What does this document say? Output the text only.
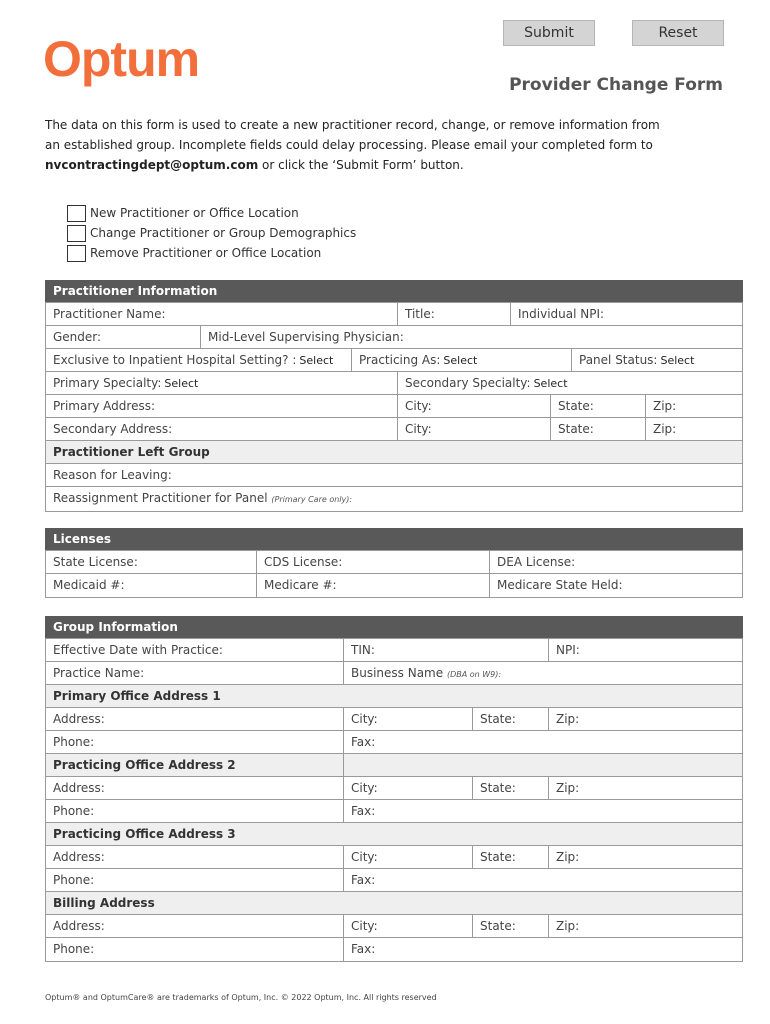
Submit	Reset
Optum	Provider Change Form
The data on this form is used to create a new practitioner record, change, or remove information from an established group. Incomplete fields could delay processing. Please email your completed form to nvcontractingdept@optum.com or click the ‘Submit Form’ button.
New Practitioner or Office Location
Change Practitioner or Group Demographics
Remove Practitioner or Office Location
Practitioner Information
Practitioner Name:	Title:	Individual NPI:
Gender:	Mid-Level Supervising Physician:
Exclusive to Inpatient Hospital Setting? : Select	Practicing As: Select	Panel Status: Select
Primary Specialty: Select	Secondary Specialty: Select
Primary Address:	City:	State:	Zip:
Secondary Address:	City:	State:	Zip:
Practitioner Left Group
Reason for Leaving:
Reassignment Practitioner for Panel (Primary Care only):
Licenses
State License:	CDS License:	DEA License:
Medicaid #:	Medicare #:	Medicare State Held:
Group Information
Effective Date with Practice:	TIN:	NPI:
Practice Name:	Business Name (DBA on W9):
Primary Office Address 1
Address:	City:	State:	Zip:
Phone:	Fax:
Practicing Office Address 2
Address:	City:	State:	Zip:
Phone:	Fax:
Practicing Office Address 3
Address:	City:	State:	Zip:
Phone:	Fax:
Billing Address
Address:	City:	State:	Zip:
Phone:	Fax:
Optum® and OptumCare® are trademarks of Optum, Inc. © 2022 Optum, Inc. All rights reserved
